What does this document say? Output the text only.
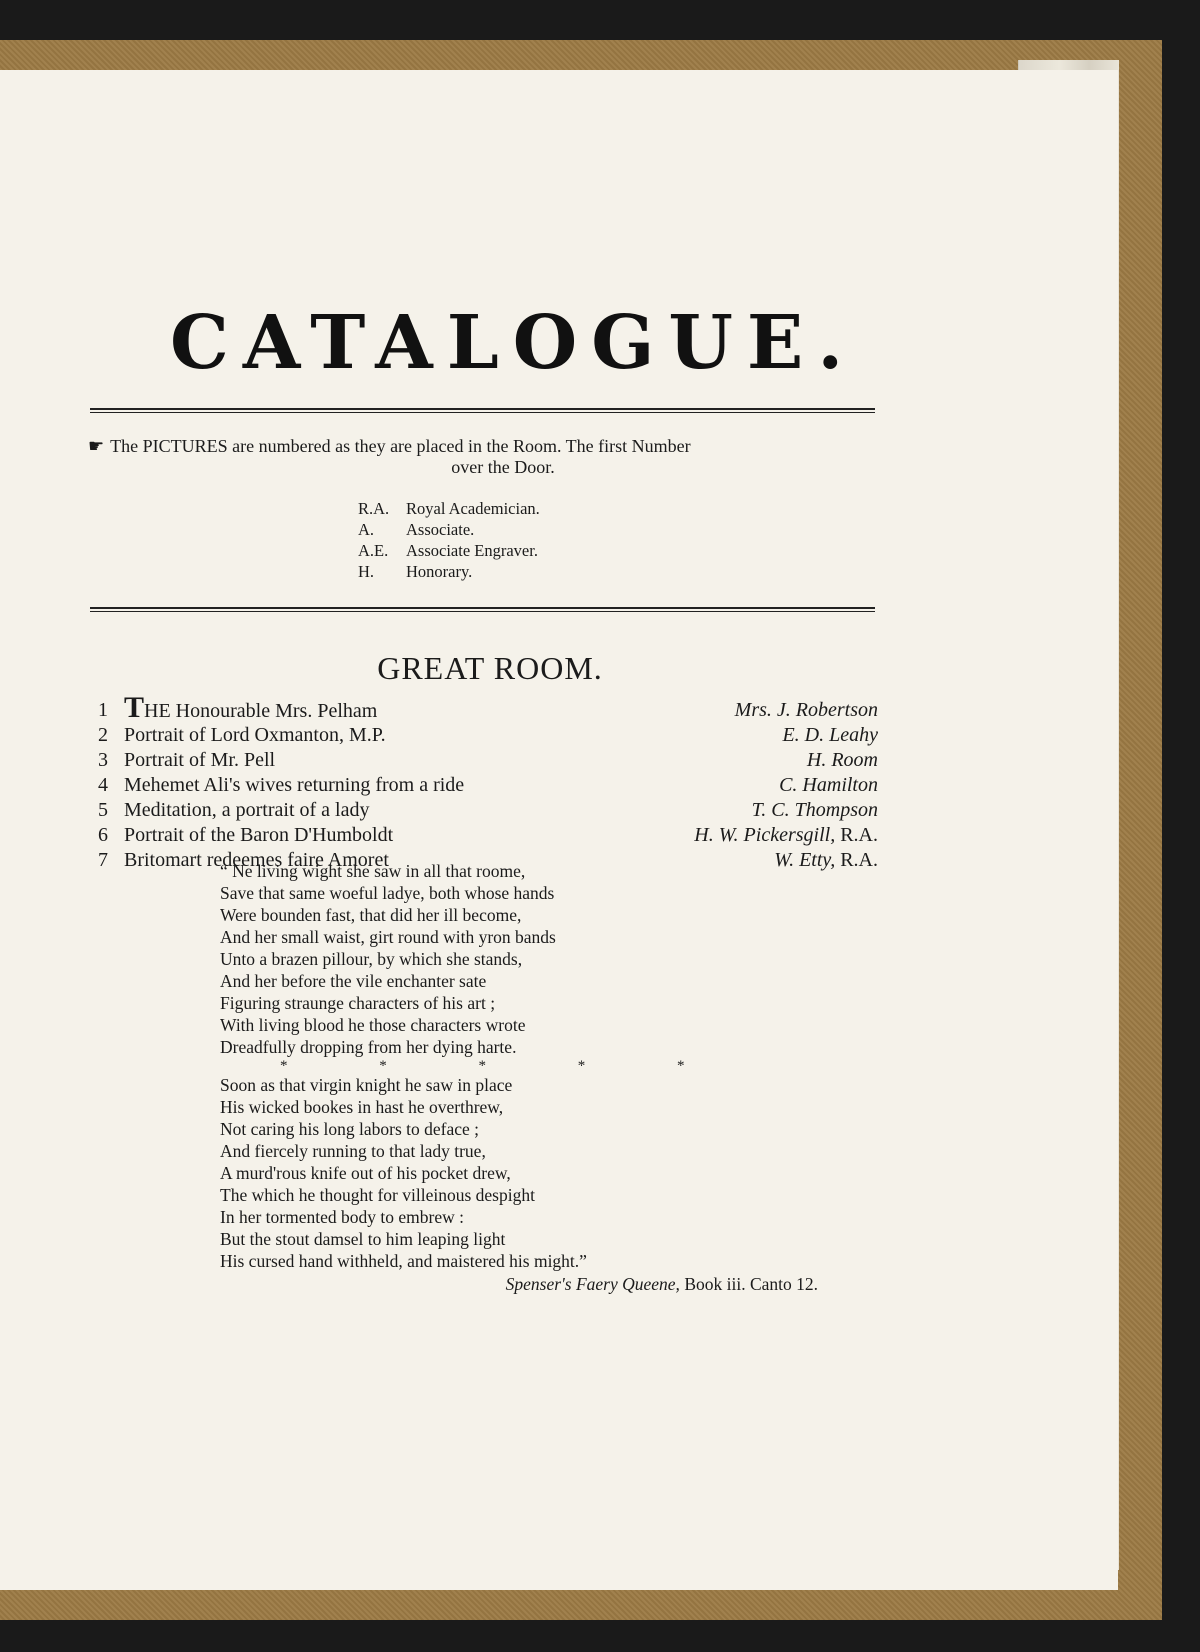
CATALOGUE.
☛ The PICTURES are numbered as they are placed in the Room. The first Number
over the Door.
R.A.	Royal Academician.
A.	Associate.
A.E.	Associate Engraver.
H.	Honorary.
GREAT ROOM.
1 THE Honourable Mrs. Pelham	Mrs. J. Robertson
2 Portrait of Lord Oxmanton, M.P.	E. D. Leahy
3 Portrait of Mr. Pell	H. Room
4 Mehemet Ali's wives returning from a ride	C. Hamilton
5 Meditation, a portrait of a lady	T. C. Thompson
6 Portrait of the Baron D'Humboldt	H. W. Pickersgill, R.A.
7 Britomart redeemes faire Amoret	W. Etty, R.A.
“ Ne living wight she saw in all that roome,
Save that same woeful ladye, both whose hands
Were bounden fast, that did her ill become,
And her small waist, girt round with yron bands
Unto a brazen pillour, by which she stands,
And her before the vile enchanter sate
Figuring straunge characters of his art ;
With living blood he those characters wrote
Dreadfully dropping from her dying harte.
* * * * *
Soon as that virgin knight he saw in place
His wicked bookes in hast he overthrew,
Not caring his long labors to deface ;
And fiercely running to that lady true,
A murd'rous knife out of his pocket drew,
The which he thought for villeinous despight
In her tormented body to embrew :
But the stout damsel to him leaping light
His cursed hand withheld, and maistered his might.”
Spenser's Faery Queene, Book iii. Canto 12.
